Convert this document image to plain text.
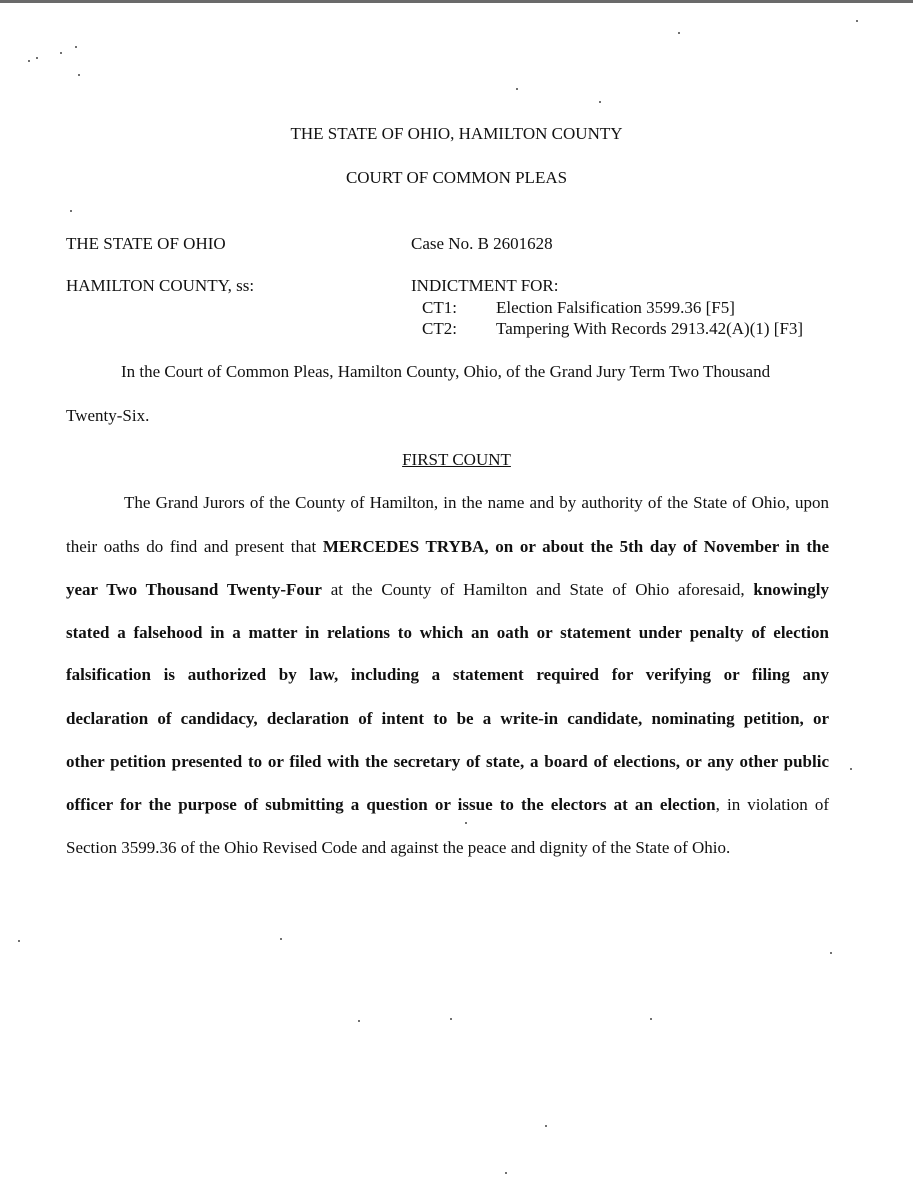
THE STATE OF OHIO, HAMILTON COUNTY
COURT OF COMMON PLEAS
THE STATE OF OHIO
HAMILTON COUNTY, ss:
Case No. B 2601628
INDICTMENT FOR:
CT1: Election Falsification 3599.36 [F5]
CT2: Tampering With Records 2913.42(A)(1) [F3]
In the Court of Common Pleas, Hamilton County, Ohio, of the Grand Jury Term Two Thousand
Twenty-Six.
FIRST COUNT
The Grand Jurors of the County of Hamilton, in the name and by authority of the State of Ohio, upon
their oaths do find and present that MERCEDES TRYBA, on or about the 5th day of November in the
year Two Thousand Twenty-Four at the County of Hamilton and State of Ohio aforesaid, knowingly
stated a falsehood in a matter in relations to which an oath or statement under penalty of election
falsification is authorized by law, including a statement required for verifying or filing any
declaration of candidacy, declaration of intent to be a write-in candidate, nominating petition, or
other petition presented to or filed with the secretary of state, a board of elections, or any other public
officer for the purpose of submitting a question or issue to the electors at an election, in violation of
Section 3599.36 of the Ohio Revised Code and against the peace and dignity of the State of Ohio.
